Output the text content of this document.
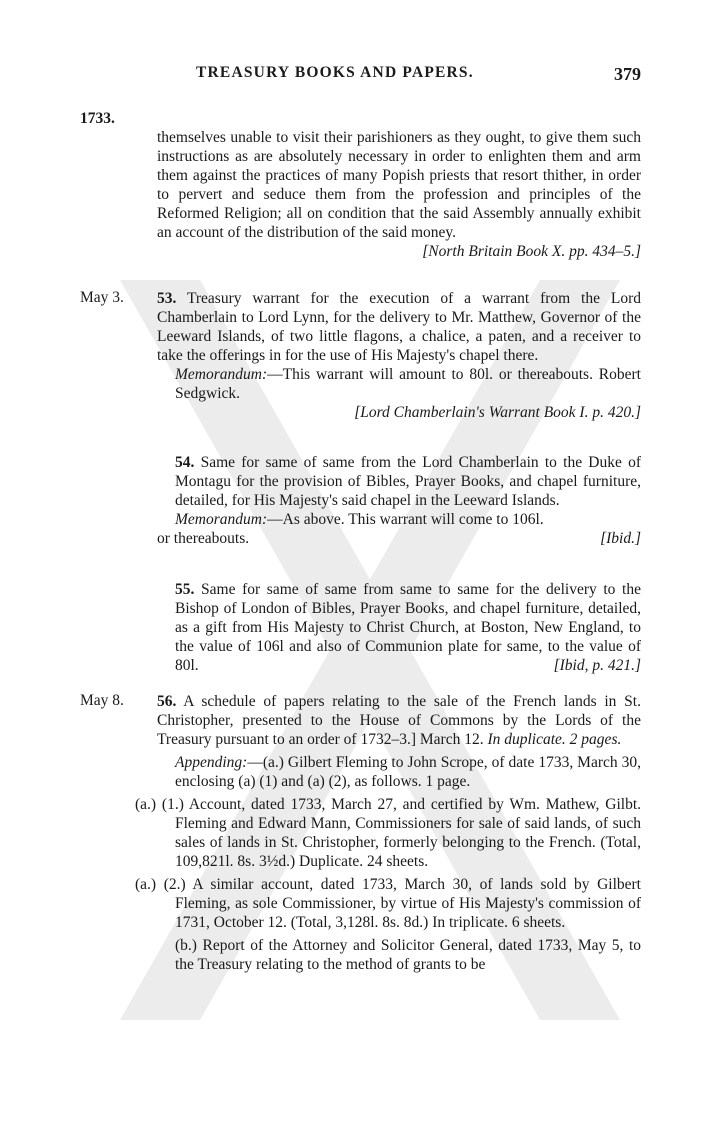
TREASURY BOOKS AND PAPERS.	379
1733.

themselves unable to visit their parishioners as they ought, to give them such instructions as are absolutely necessary in order to enlighten them and arm them against the practices of many Popish priests that resort thither, in order to pervert and seduce them from the profession and principles of the Reformed Religion; all on condition that the said Assembly annually exhibit an account of the distribution of the said money.

[North Britain Book X. pp. 434–5.]

May 3. 53. Treasury warrant for the execution of a warrant from the Lord Chamberlain to Lord Lynn, for the delivery to Mr. Matthew, Governor of the Leeward Islands, of two little flagons, a chalice, a paten, and a receiver to take the offerings in for the use of His Majesty's chapel there.

Memorandum:—This warrant will amount to 80l. or thereabouts. Robert Sedgwick.

[Lord Chamberlain's Warrant Book I. p. 420.]

54. Same for same of same from the Lord Chamberlain to the Duke of Montagu for the provision of Bibles, Prayer Books, and chapel furniture, detailed, for His Majesty's said chapel in the Leeward Islands.

Memorandum:—As above. This warrant will come to 106l.

or thereabouts.	[Ibid.]

55. Same for same of same from same to same for the delivery to the Bishop of London of Bibles, Prayer Books, and chapel furniture, detailed, as a gift from His Majesty to Christ Church, at Boston, New England, to the value of 106l and also of Communion plate for same, to the value of 80l.	[Ibid, p. 421.]

May 8. 56. A schedule of papers relating to the sale of the French lands in St. Christopher, presented to the House of Commons by the Lords of the Treasury pursuant to an order of 1732–3.] March 12. In duplicate. 2 pages.

Appending:—(a.) Gilbert Fleming to John Scrope, of date 1733, March 30, enclosing (a) (1) and (a) (2), as follows. 1 page.

(a.) (1.) Account, dated 1733, March 27, and certified by Wm. Mathew, Gilbt. Fleming and Edward Mann, Commissioners for sale of said lands, of such sales of lands in St. Christopher, formerly belonging to the French. (Total, 109,821l. 8s. 3½d.) Duplicate. 24 sheets.

(a.) (2.) A similar account, dated 1733, March 30, of lands sold by Gilbert Fleming, as sole Commissioner, by virtue of His Majesty's commission of 1731, October 12. (Total, 3,128l. 8s. 8d.) In triplicate. 6 sheets.

(b.) Report of the Attorney and Solicitor General, dated 1733, May 5, to the Treasury relating to the method of grants to be
